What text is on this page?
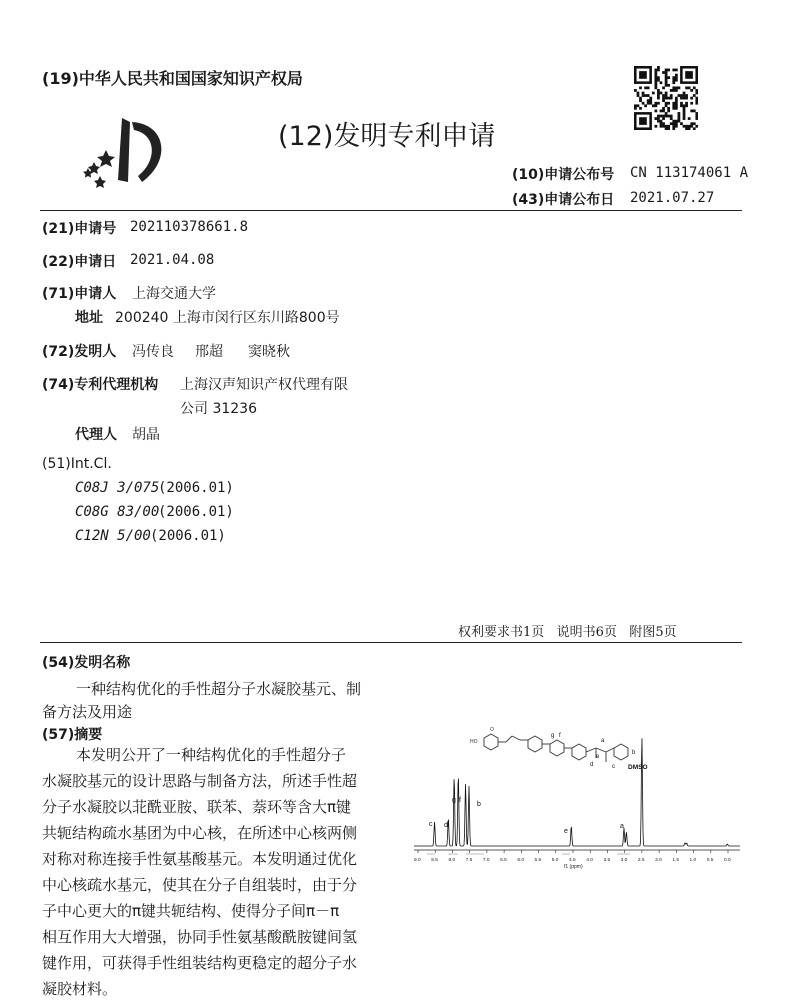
(19)中华人民共和国国家知识产权局
(12)发明专利申请
(10)申请公布号 CN 113174061 A
(43)申请公布日 2021.07.27
(21)申请号 202110378661.8
(22)申请日 2021.04.08
(71)申请人 上海交通大学
地址 200240 上海市闵行区东川路800号
(72)发明人 冯传良 邢超 窦晓秋
(74)专利代理机构 上海汉声知识产权代理有限
公司 31236
代理人 胡晶
(51)Int.Cl.
C08J 3/075
(2006.01)
C08G 83/00
(2006.01)
C12N 5/00 (2006.01)
权利要求书1页   说明书6页   附图5页
(54)发明名称
一种结构优化的手性超分子水凝胶基元、制
备方法及用途
(57)摘要
本发明公开了一种结构优化的手性超分子
水凝胶基元的设计思路与制备方法，所述手性超
分子水凝胶以苝酰亚胺、联苯、萘环等含大π键
共轭结构疏水基团为中心核，在所述中心核两侧
对称对称连接手性氨基酸基元。本发明通过优化
中心核疏水基元，使其在分子自组装时，由于分
子中心更大的π键共轭结构、使得分子间π－π
相互作用大大增强，协同手性氨基酸酰胺键间氢
键作用，可获得手性组装结构更稳定的超分子水
凝胶材料。
HO
O
9.0 8.5 8.0 7.5 7.0 6.5 6.0 5.5 5.0 4.5 4.0 3.5 3.0 2.5 2.0 1.5 1.0 0.5 0.0
DMSO
a
b
c d
e
g f
g f
a
b
c
d
e
f1 (ppm)
